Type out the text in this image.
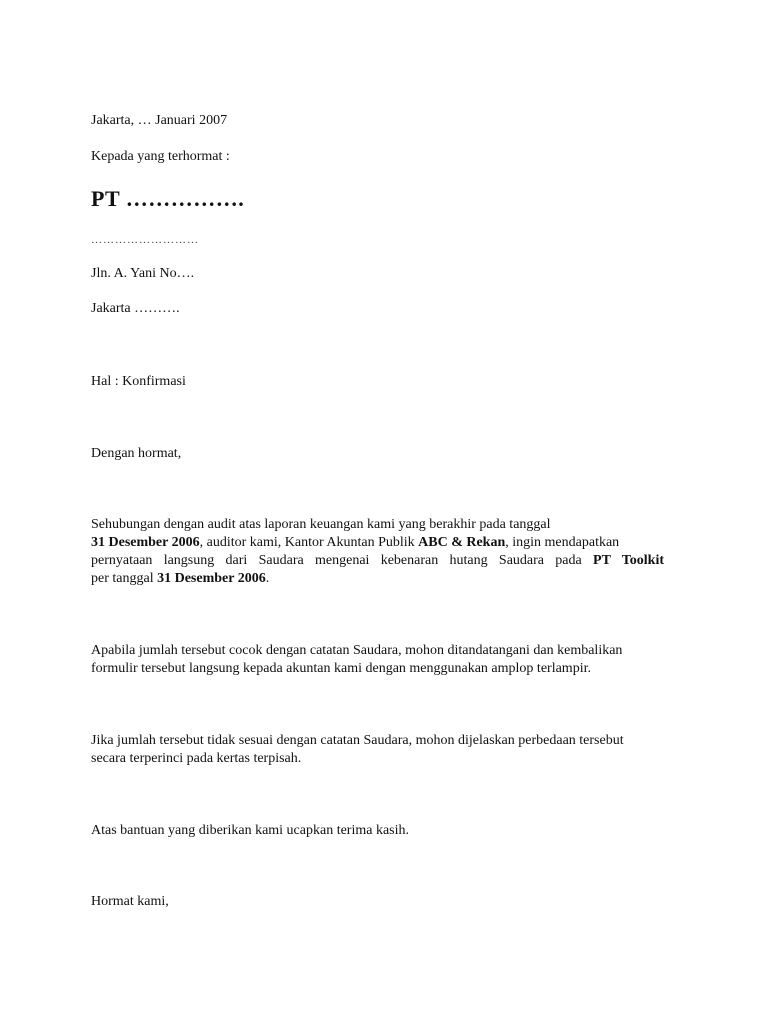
Jakarta, … Januari 2007
Kepada yang terhormat :
PT …………….
………………………
Jln. A. Yani No….
Jakarta ……….
Hal : Konfirmasi
Dengan hormat,
Sehubungan dengan audit atas laporan keuangan kami yang berakhir pada tanggal
31 Desember 2006, auditor kami, Kantor Akuntan Publik ABC & Rekan, ingin mendapatkan
pernyataan langsung dari Saudara mengenai kebenaran hutang Saudara pada PT Toolkit
per tanggal 31 Desember 2006.
Apabila jumlah tersebut cocok dengan catatan Saudara, mohon ditandatangani dan kembalikan
formulir tersebut langsung kepada akuntan kami dengan menggunakan amplop terlampir.
Jika jumlah tersebut tidak sesuai dengan catatan Saudara, mohon dijelaskan perbedaan tersebut
secara terperinci pada kertas terpisah.
Atas bantuan yang diberikan kami ucapkan terima kasih.
Hormat kami,
